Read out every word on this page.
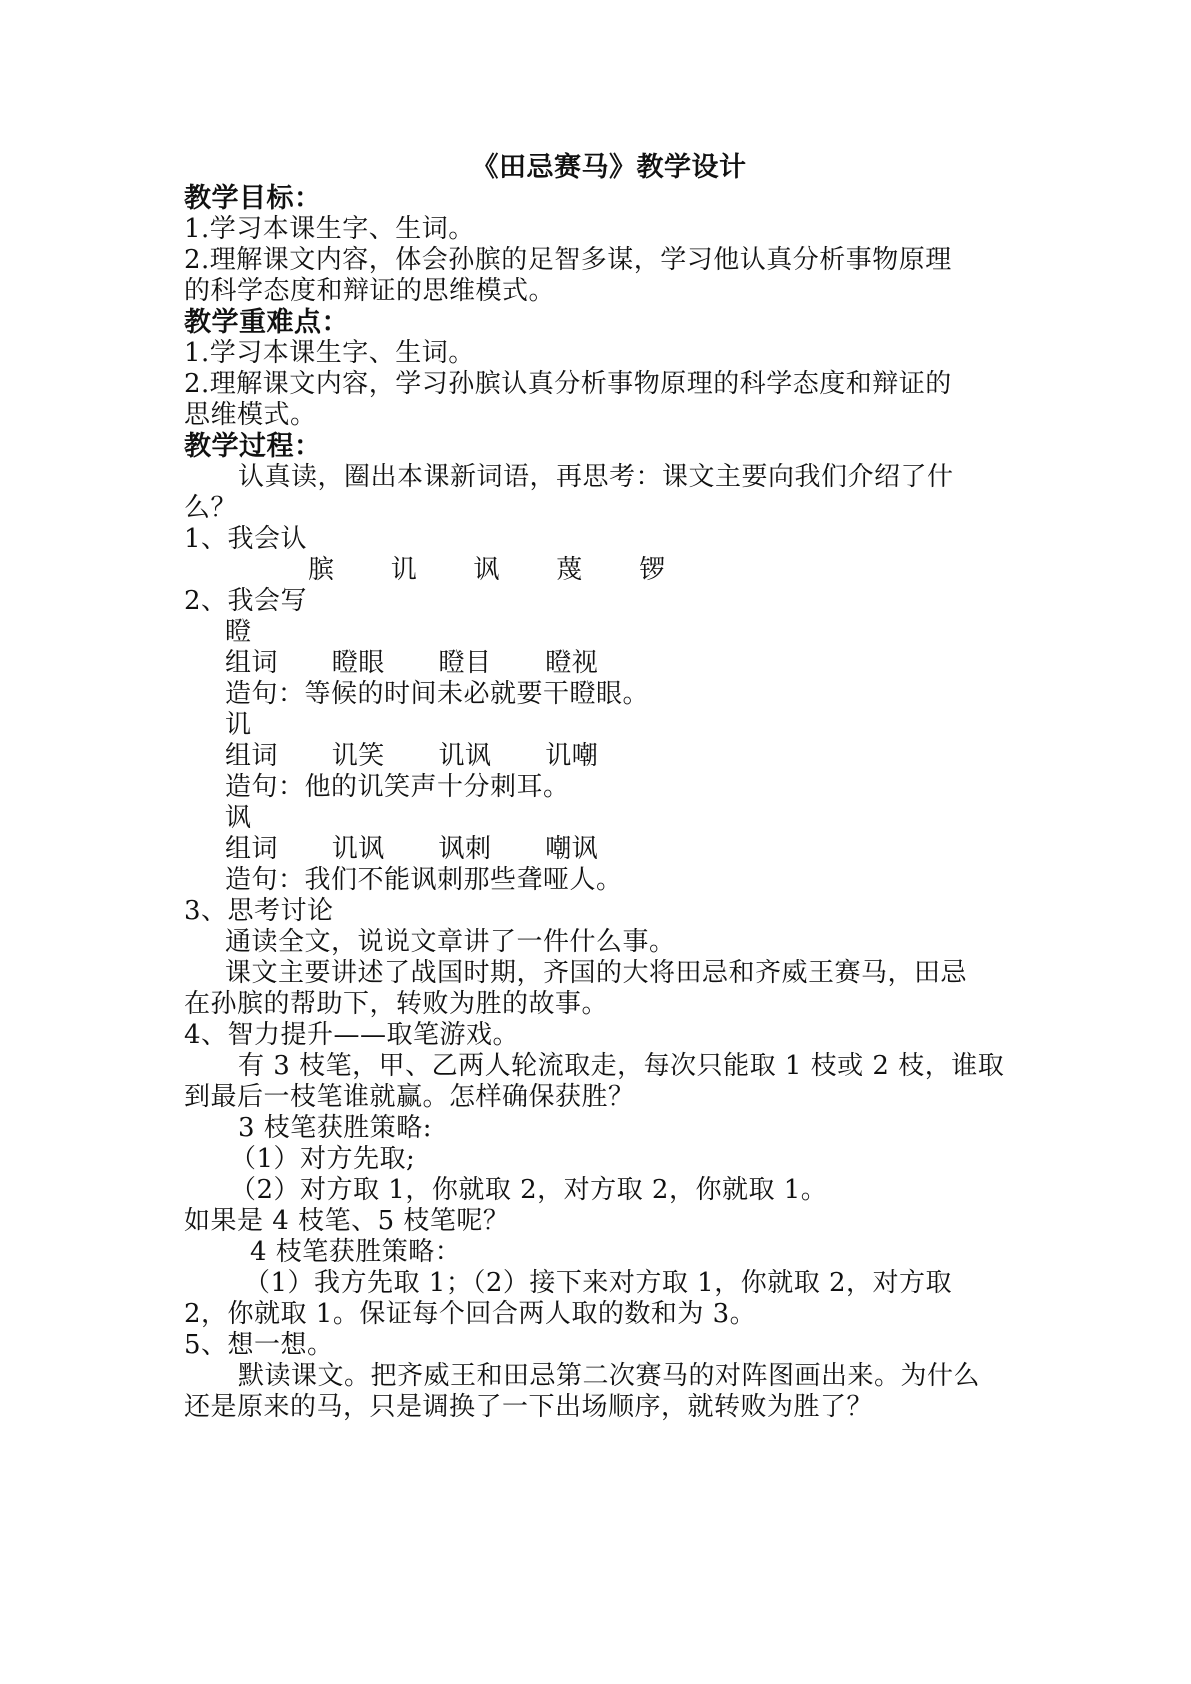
《田忌赛马》教学设计
教学目标：
1.学习本课生字、生词。
2.理解课文内容，体会孙膑的足智多谋，学习他认真分析事物原理
的科学态度和辩证的思维模式。
教学重难点：
1.学习本课生字、生词。
2.理解课文内容，学习孙膑认真分析事物原理的科学态度和辩证的
思维模式。
教学过程：
认真读，圈出本课新词语，再思考：课文主要向我们介绍了什
么？
1、我会认
膑 讥 讽 蔑 锣
2、我会写
瞪
组词 瞪眼 瞪目 瞪视
造句：等候的时间未必就要干瞪眼。
讥
组词 讥笑 讥讽 讥嘲
造句：他的讥笑声十分刺耳。
讽
组词 讥讽 讽刺 嘲讽
造句：我们不能讽刺那些聋哑人。
3、思考讨论
通读全文，说说文章讲了一件什么事。
课文主要讲述了战国时期，齐国的大将田忌和齐威王赛马，田忌
在孙膑的帮助下，转败为胜的故事。
4、智力提升——取笔游戏。
有 3 枝笔，甲、乙两人轮流取走，每次只能取 1 枝或 2 枝，谁取
到最后一枝笔谁就赢。怎样确保获胜？
3 枝笔获胜策略:
（1）对方先取;
（2）对方取 1，你就取 2，对方取 2，你就取 1。
如果是 4 枝笔、5 枝笔呢？
4 枝笔获胜策略：
（1）我方先取 1；（2）接下来对方取 1，你就取 2，对方取
2，你就取 1。保证每个回合两人取的数和为 3。
5、想一想。
默读课文。把齐威王和田忌第二次赛马的对阵图画出来。为什么
还是原来的马，只是调换了一下出场顺序，就转败为胜了？
